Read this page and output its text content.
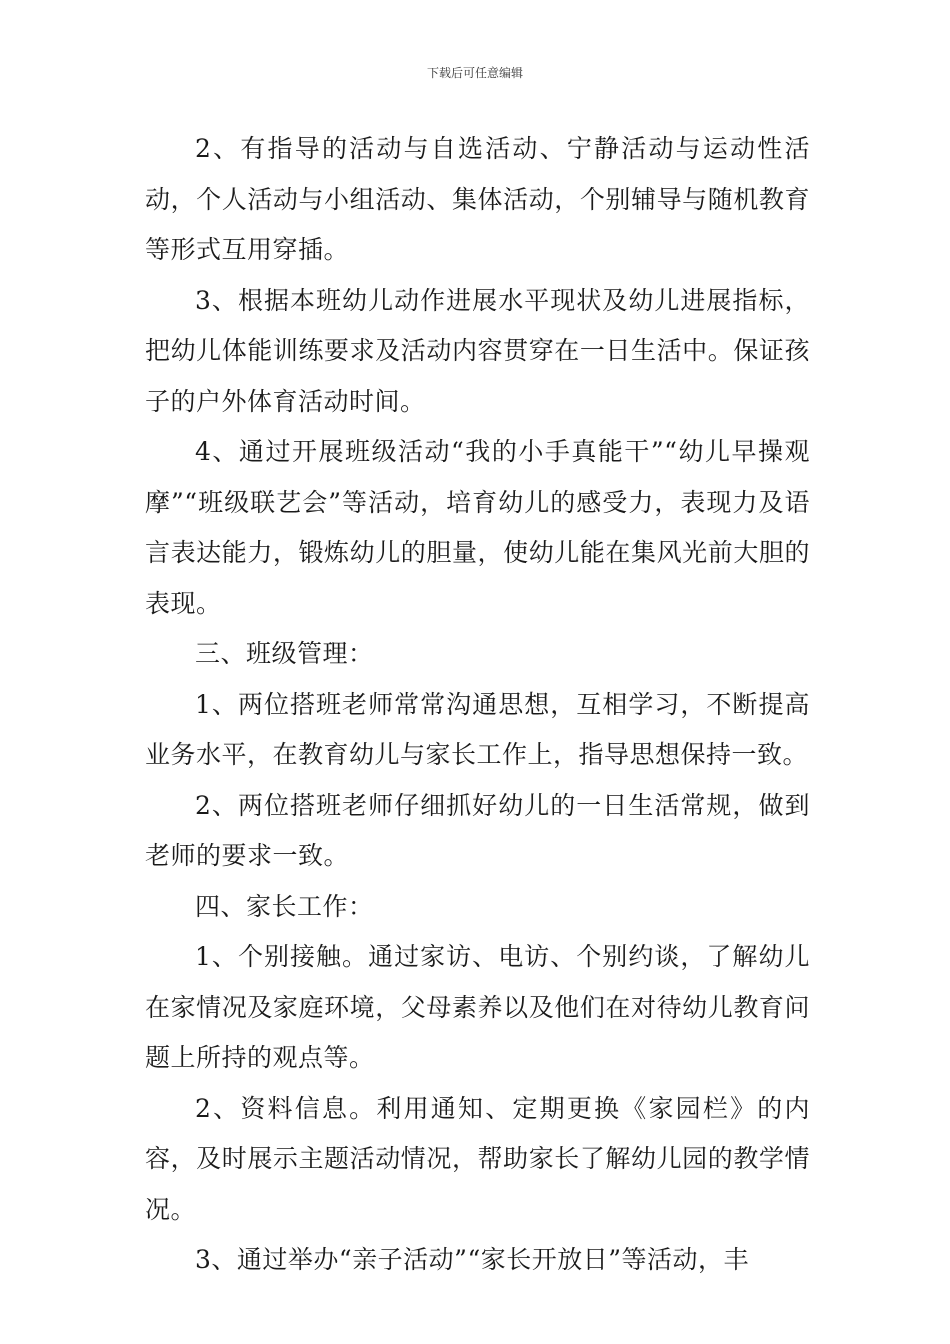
下载后可任意编辑

2、有指导的活动与自选活动、宁静活动与运动性活动，个人活动与小组活动、集体活动，个别辅导与随机教育等形式互用穿插。

3、根据本班幼儿动作进展水平现状及幼儿进展指标，把幼儿体能训练要求及活动内容贯穿在一日生活中。保证孩子的户外体育活动时间。

4、通过开展班级活动“我的小手真能干”“幼儿早操观摩”“班级联艺会”等活动，培育幼儿的感受力，表现力及语言表达能力，锻炼幼儿的胆量，使幼儿能在集风光前大胆的表现。

三、班级管理：

1、两位搭班老师常常沟通思想，互相学习，不断提高业务水平，在教育幼儿与家长工作上，指导思想保持一致。

2、两位搭班老师仔细抓好幼儿的一日生活常规，做到老师的要求一致。

四、家长工作：

1、个别接触。通过家访、电访、个别约谈，了解幼儿在家情况及家庭环境，父母素养以及他们在对待幼儿教育问题上所持的观点等。

2、资料信息。利用通知、定期更换《家园栏》的内容，及时展示主题活动情况，帮助家长了解幼儿园的教学情况。

3、通过举办“亲子活动”“家长开放日”等活动，丰
